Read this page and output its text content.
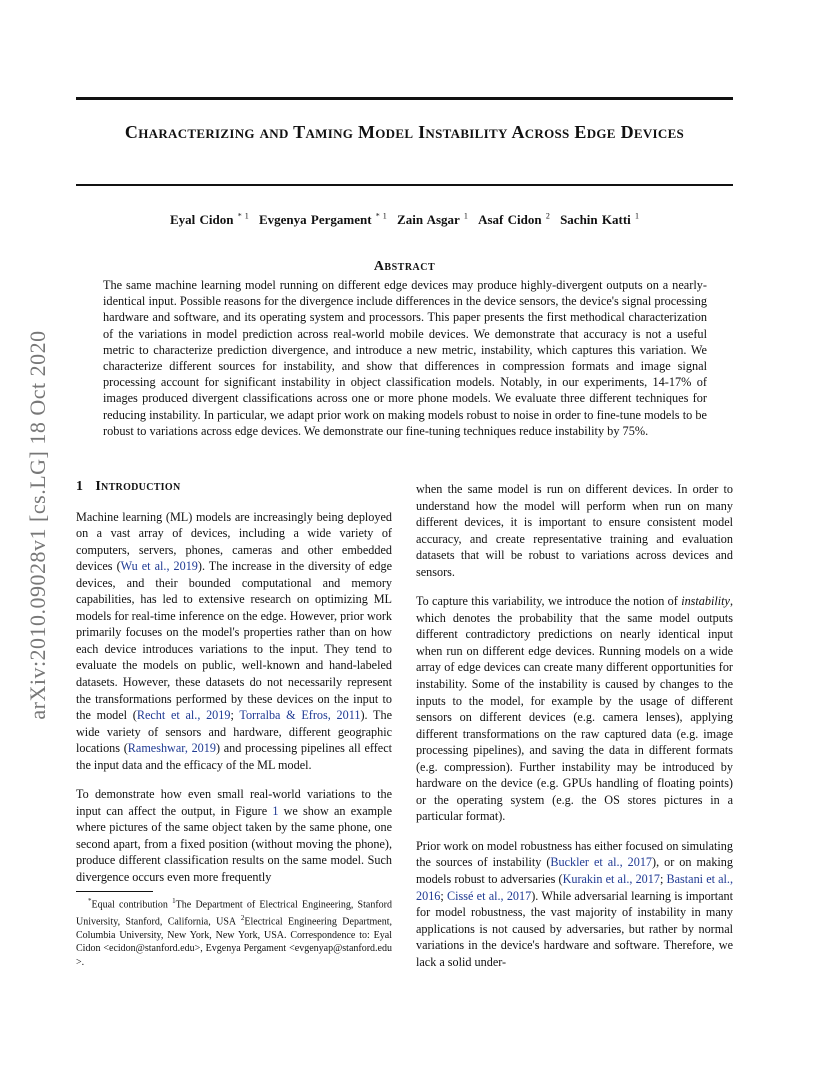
Characterizing and Taming Model Instability Across Edge Devices
Eyal Cidon $^{* 1}$ Evgenya Pergament $^{* 1}$ Zain Asgar $^1$ Asaf Cidon $^2$ Sachin Katti $^1$
Abstract

The same machine learning model running on different edge devices may produce highly-divergent outputs on a nearly-identical input. Possible reasons for the divergence include differences in the device sensors, the device's signal processing hardware and software, and its operating system and processors. This paper presents the first methodical characterization of the variations in model prediction across real-world mobile devices. We demonstrate that accuracy is not a useful metric to characterize prediction divergence, and introduce a new metric, instability, which captures this variation. We characterize different sources for instability, and show that differences in compression formats and image signal processing account for significant instability in object classification models. Notably, in our experiments, 14-17% of images produced divergent classifications across one or more phone models. We evaluate three different techniques for reducing instability. In particular, we adapt prior work on making models robust to noise in order to fine-tune models to be robust to variations across edge devices. We demonstrate our fine-tuning techniques reduce instability by 75%.

arXiv:2010.09028v1 [cs.LG] 18 Oct 2020 1 Introduction

Machine learning (ML) models are increasingly being deployed on a vast array of devices, including a wide variety of computers, servers, phones, cameras and other embedded devices (Wu et al., 2019). The increase in the diversity of edge devices, and their bounded computational and memory capabilities, has led to extensive research on optimizing ML models for real-time inference on the edge. However, prior work primarily focuses on the model's properties rather than on how each device introduces variations to the input. They tend to evaluate the models on public, well-known and hand-labeled datasets. However, these datasets do not necessarily represent the transformations performed by these devices on the input to the model (Recht et al., 2019; Torralba & Efros, 2011). The wide variety of sensors and hardware, different geographic locations (Rameshwar, 2019) and processing pipelines all effect the input data and the efficacy of the ML model.

To demonstrate how even small real-world variations to the input can affect the output, in Figure 1 we show an example where pictures of the same object taken by the same phone, one second apart, from a fixed position (without moving the phone), produce different classification results on the same model. Such divergence occurs even more frequently

when the same model is run on different devices. In order to understand how the model will perform when run on many different devices, it is important to ensure consistent model accuracy, and create representative training and evaluation datasets that will be robust to variations across devices and sensors.

To capture this variability, we introduce the notion of instability, which denotes the probability that the same model outputs different contradictory predictions on nearly identical input when run on different edge devices. Running models on a wide array of edge devices can create many different opportunities for instability. Some of the instability is caused by changes to the inputs to the model, for example by the usage of different sensors on different devices (e.g. camera lenses), applying different transformations on the raw captured data (e.g. image processing pipelines), and saving the data in different formats (e.g. compression). Further instability may be introduced by hardware on the device (e.g. GPUs handling of floating points) or the operating system (e.g. the OS stores pictures in a particular format).

Prior work on model robustness has either focused on simulating the sources of instability (Buckler et al., 2017), or on making models robust to adversaries (Kurakin et al., 2017; Bastani et al., 2016; Cissé et al., 2017). While adversarial learning is important for model robustness, the vast majority of instability in many applications is not caused by adversaries, but rather by normal variations in the device's hardware and software. Therefore, we lack a solid under-

*Equal contribution $^1$The Department of Electrical Engineering, Stanford University, Stanford, California, USA $^2$Electrical Engineering Department, Columbia University, New York, New York, USA. Correspondence to: Eyal Cidon <ecidon@stanford.edu>, Evgenya Pergament <evgenyap@stanford.edu >.
